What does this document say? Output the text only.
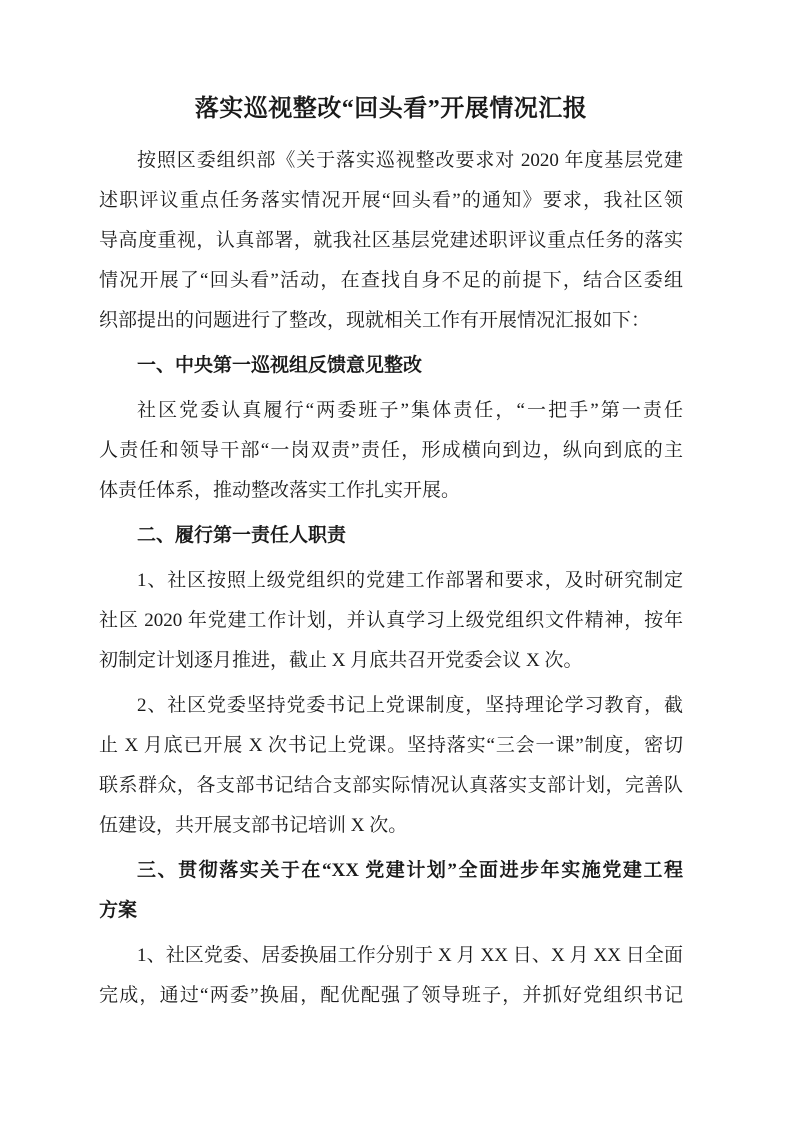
落实巡视整改“回头看”开展情况汇报
按照区委组织部《关于落实巡视整改要求对 2020 年度基层党建
述职评议重点任务落实情况开展“回头看”的通知》要求，我社区领
导高度重视，认真部署，就我社区基层党建述职评议重点任务的落实
情况开展了“回头看”活动，在查找自身不足的前提下，结合区委组
织部提出的问题进行了整改，现就相关工作有开展情况汇报如下：
一、中央第一巡视组反馈意见整改
社区党委认真履行“两委班子”集体责任，“一把手”第一责任
人责任和领导干部“一岗双责”责任，形成横向到边，纵向到底的主
体责任体系，推动整改落实工作扎实开展。
二、履行第一责任人职责
1、社区按照上级党组织的党建工作部署和要求，及时研究制定
社区 2020 年党建工作计划，并认真学习上级党组织文件精神，按年
初制定计划逐月推进，截止 X 月底共召开党委会议 X 次。
2、社区党委坚持党委书记上党课制度，坚持理论学习教育，截
止 X 月底已开展 X 次书记上党课。坚持落实“三会一课”制度，密切
联系群众，各支部书记结合支部实际情况认真落实支部计划，完善队
伍建设，共开展支部书记培训 X 次。
三、贯彻落实关于在“XX 党建计划”全面进步年实施党建工程
方案
1、社区党委、居委换届工作分别于 X 月 XX 日、X 月 XX 日全面
完成，通过“两委”换届，配优配强了领导班子，并抓好党组织书记
